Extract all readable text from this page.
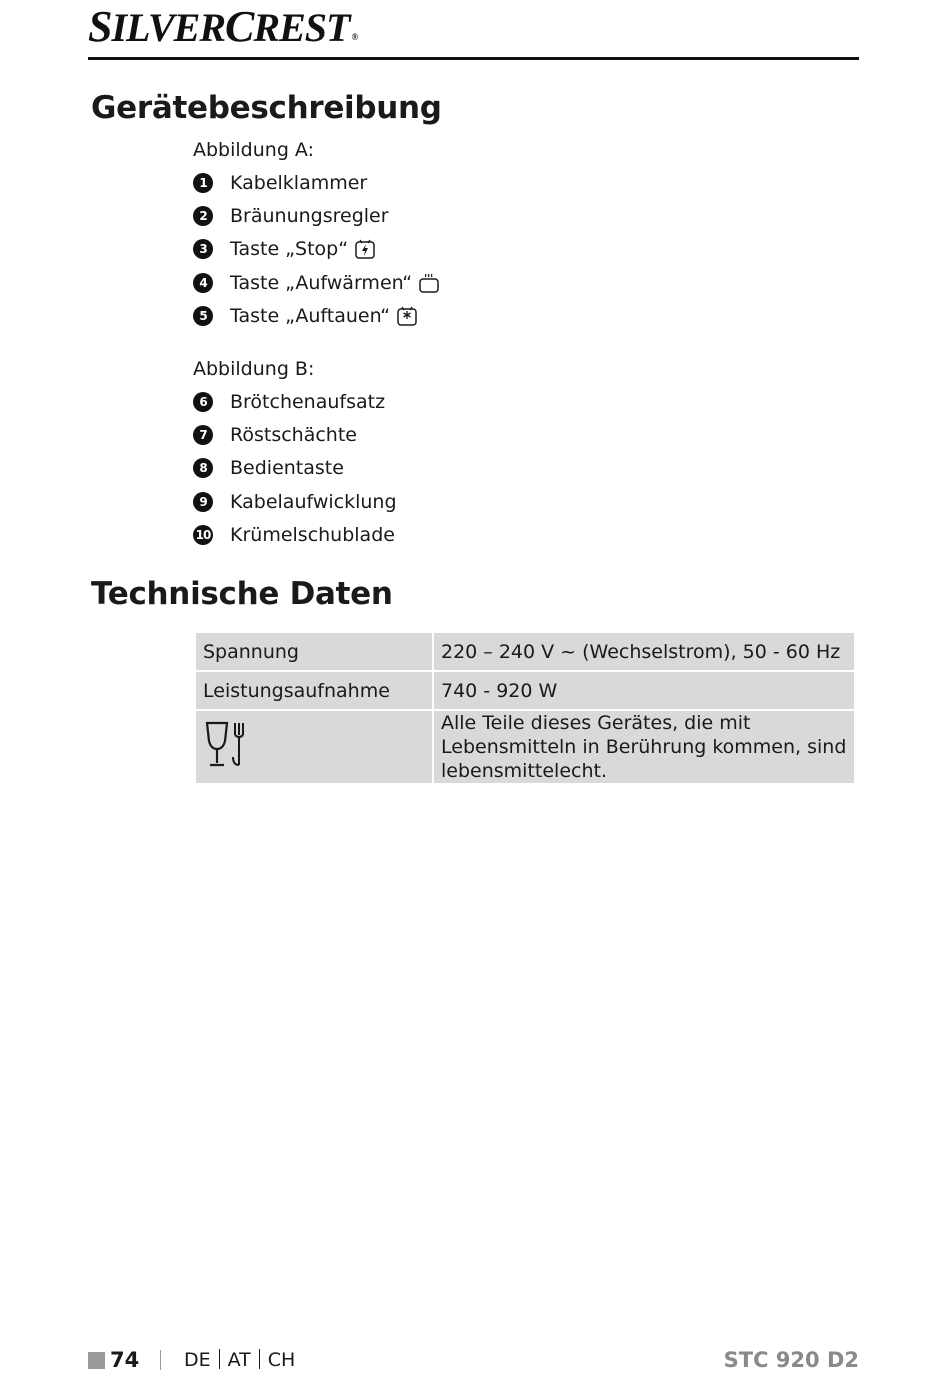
SILVERCREST ®
Gerätebeschreibung

Abbildung A:

1	Kabelklammer
2	Bräunungsregler
3	Taste „Stop“
4	Taste „Aufwärmen“
5	Taste „Auftauen“

Abbildung B:

6	Brötchenaufsatz
7	Röstschächte
8	Bedientaste
9	Kabelaufwicklung
10 Krümelschublade
Technische Daten
Spannung	220 – 240 V ~ (Wechselstrom), 50 - 60 Hz
Leistungsaufnahme	740 - 920 W
	Alle Teile dieses Gerätes, die mit Lebensmitteln in Berührung kommen, sind lebensmittelecht.
74 DE AT CH	STC 920 D2
